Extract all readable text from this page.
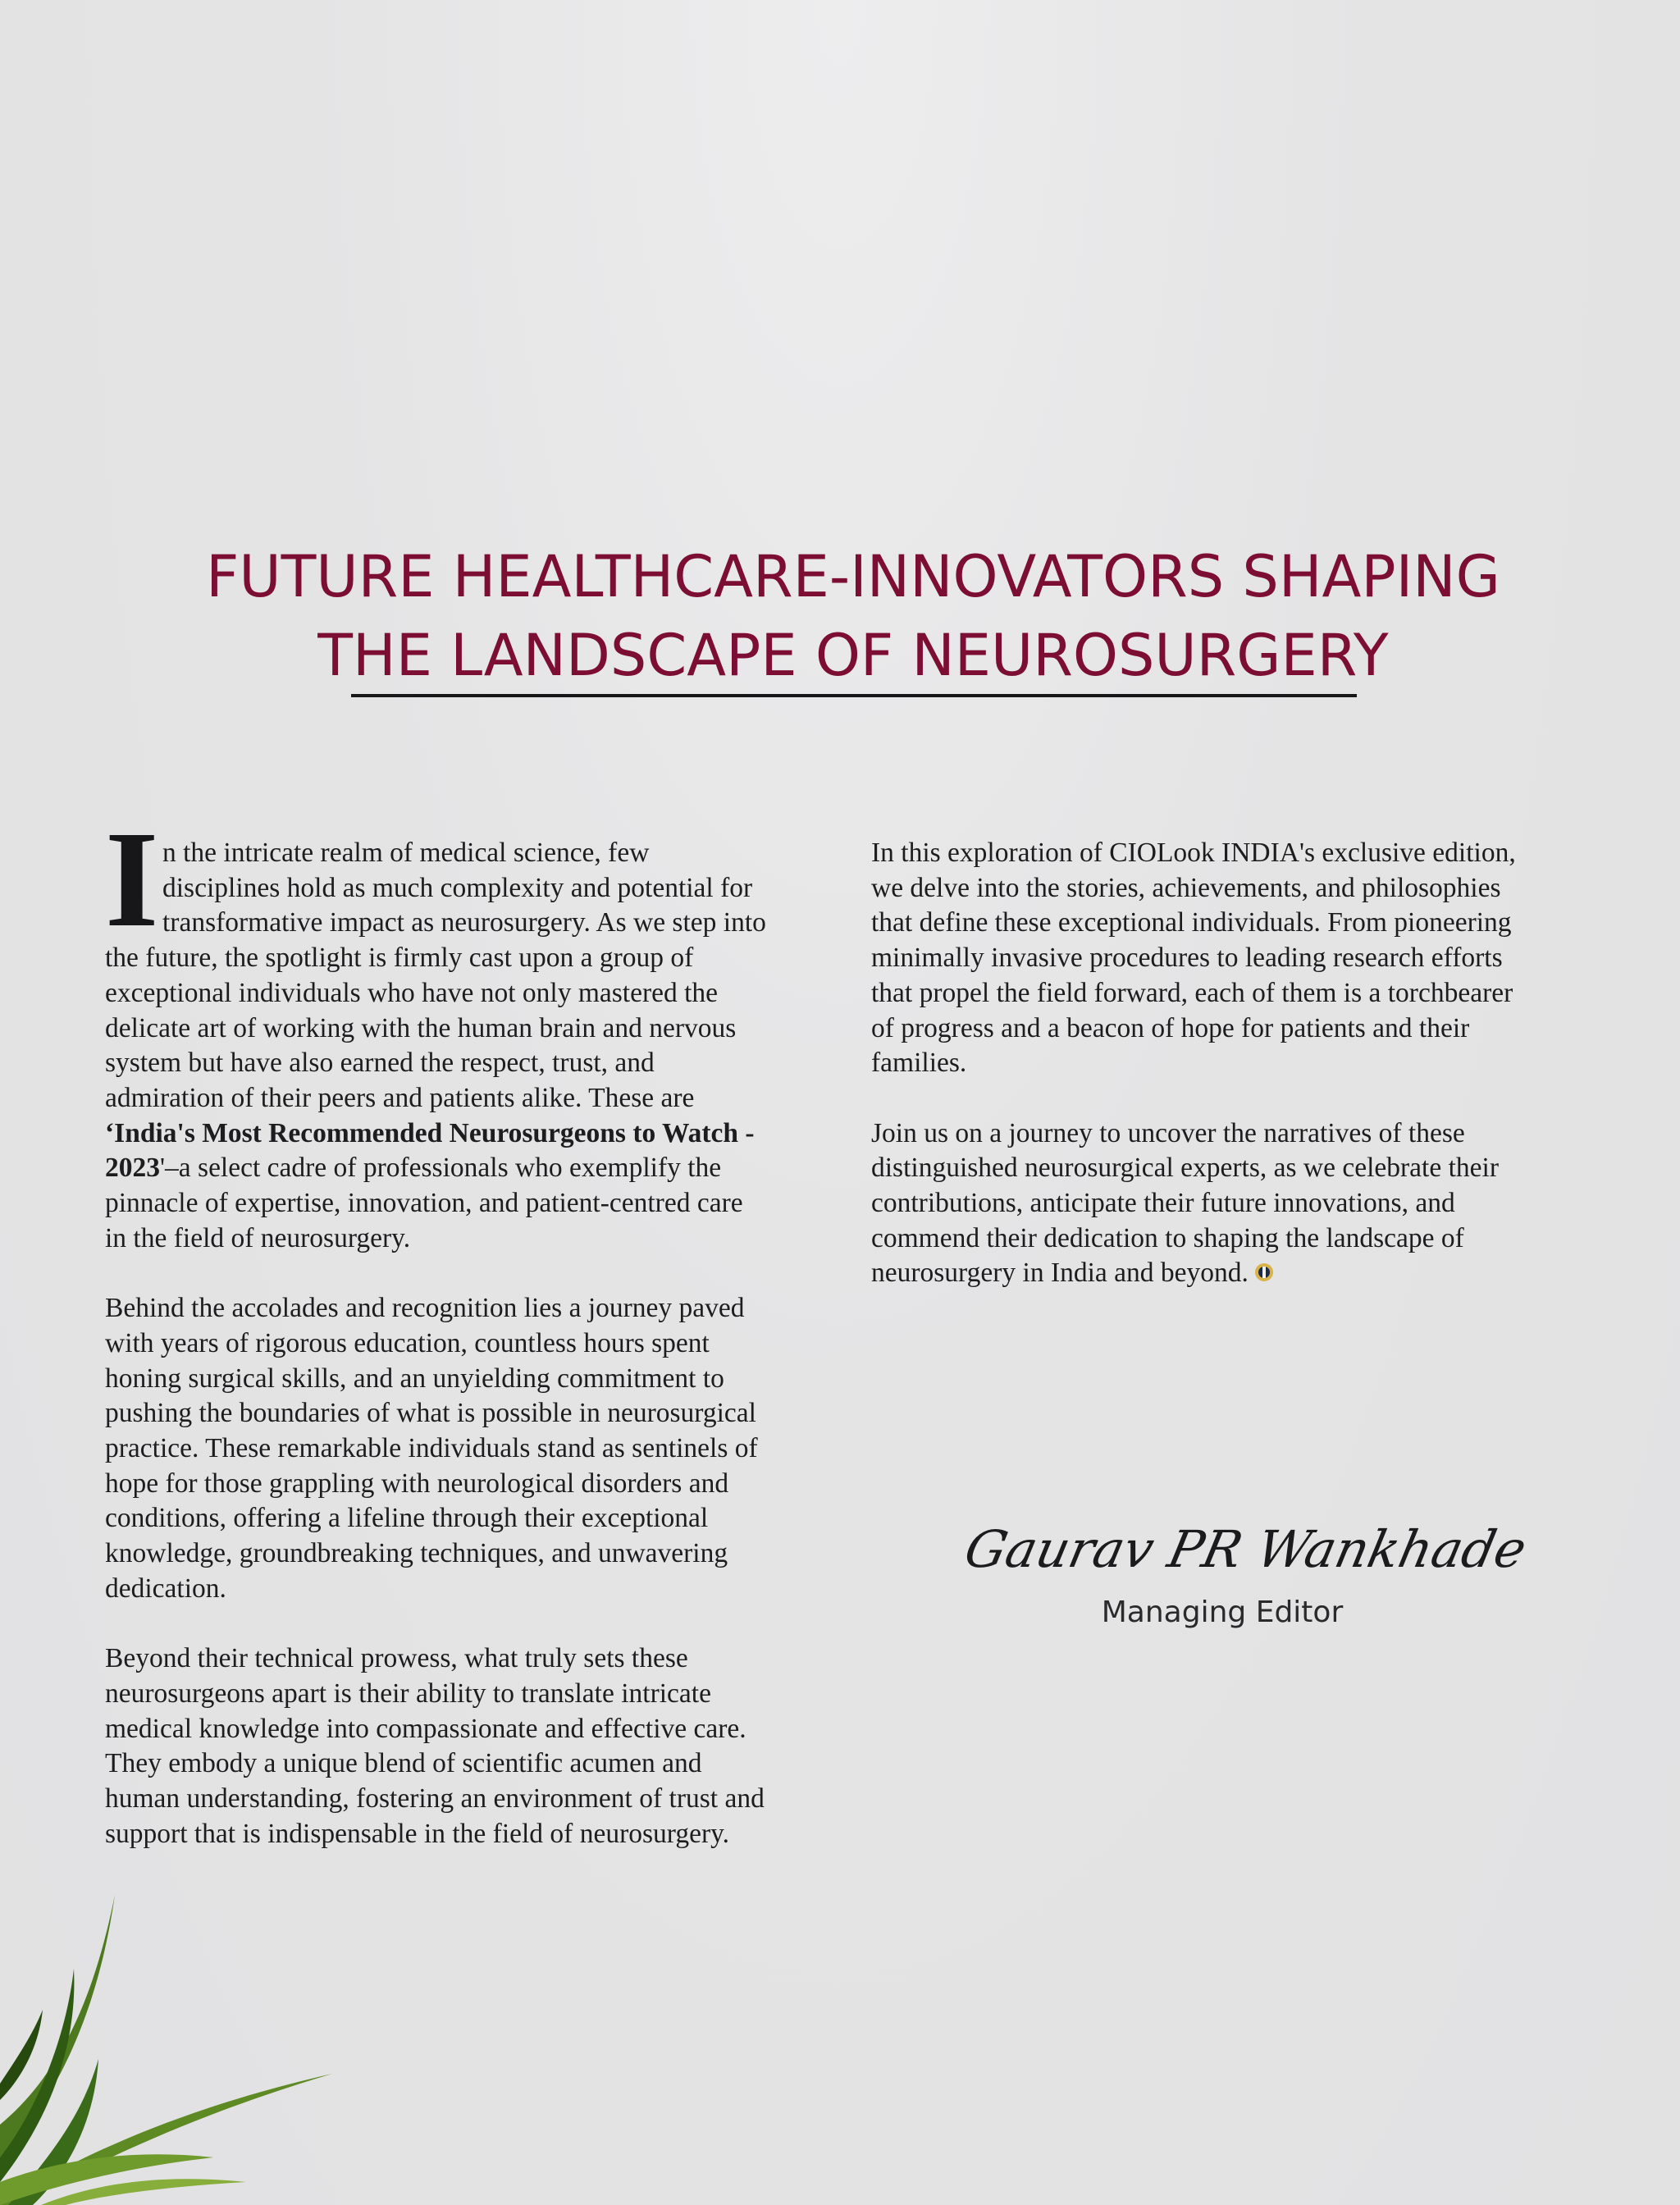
FUTURE HEALTHCARE-INNOVATORS SHAPING
THE LANDSCAPE OF NEUROSURGERY
I n the intricate realm of medical science, few
disciplines hold as much complexity and potential for
transformative impact as neurosurgery. As we step into
the future, the spotlight is firmly cast upon a group of
exceptional individuals who have not only mastered the
delicate art of working with the human brain and nervous
system but have also earned the respect, trust, and
admiration of their peers and patients alike. These are
‘India's Most Recommended Neurosurgeons to Watch -
2023'–a select cadre of professionals who exemplify the
pinnacle of expertise, innovation, and patient-centred care
in the field of neurosurgery.

Behind the accolades and recognition lies a journey paved
with years of rigorous education, countless hours spent
honing surgical skills, and an unyielding commitment to
pushing the boundaries of what is possible in neurosurgical
practice. These remarkable individuals stand as sentinels of
hope for those grappling with neurological disorders and
conditions, offering a lifeline through their exceptional
knowledge, groundbreaking techniques, and unwavering
dedication.

Beyond their technical prowess, what truly sets these
neurosurgeons apart is their ability to translate intricate
medical knowledge into compassionate and effective care.
They embody a unique blend of scientific acumen and
human understanding, fostering an environment of trust and
support that is indispensable in the field of neurosurgery.

In this exploration of CIOLook INDIA's exclusive edition,
we delve into the stories, achievements, and philosophies
that define these exceptional individuals. From pioneering
minimally invasive procedures to leading research efforts
that propel the field forward, each of them is a torchbearer
of progress and a beacon of hope for patients and their
families.

Join us on a journey to uncover the narratives of these
distinguished neurosurgical experts, as we celebrate their
contributions, anticipate their future innovations, and
commend their dedication to shaping the landscape of
neurosurgery in India and beyond.

Gaurav PR Wankhade
Managing Editor
